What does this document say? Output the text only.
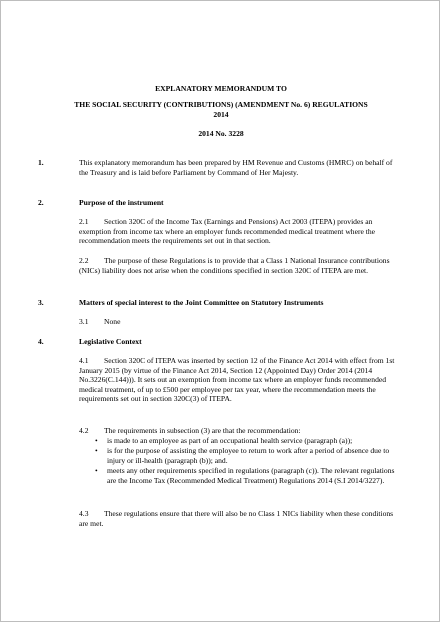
EXPLANATORY MEMORANDUM TO
THE SOCIAL SECURITY (CONTRIBUTIONS) (AMENDMENT No. 6) REGULATIONS
2014
2014 No. 3228
1.	This explanatory memorandum has been prepared by HM Revenue and Customs (HMRC) on behalf of the Treasury and is laid before Parliament by Command of Her Majesty.
2.	Purpose of the instrument
2.1 Section 320C of the Income Tax (Earnings and Pensions) Act 2003 (ITEPA) provides an exemption from income tax where an employer funds recommended medical treatment where the recommendation meets the requirements set out in that section.
2.2 The purpose of these Regulations is to provide that a Class 1 National Insurance contributions (NICs) liability does not arise when the conditions specified in section 320C of ITEPA are met.
3.	Matters of special interest to the Joint Committee on Statutory Instruments
3.1 None
4.	Legislative Context
4.1 Section 320C of ITEPA was inserted by section 12 of the Finance Act 2014 with effect from 1st January 2015 (by virtue of the Finance Act 2014, Section 12 (Appointed Day) Order 2014 (2014 No.3226(C.144))). It sets out an exemption from income tax where an employer funds recommended medical treatment, of up to £500 per employee per tax year, where the recommendation meets the requirements set out in section 320C(3) of ITEPA.
4.2 The requirements in subsection (3) are that the recommendation:
• is made to an employee as part of an occupational health service (paragraph (a));
• is for the purpose of assisting the employee to return to work after a period of absence due to injury or ill-health (paragraph (b)); and.
• meets any other requirements specified in regulations (paragraph (c)). The relevant regulations are the Income Tax (Recommended Medical Treatment) Regulations 2014 (S.I 2014/3227).
4.3 These regulations ensure that there will also be no Class 1 NICs liability when these conditions are met.
